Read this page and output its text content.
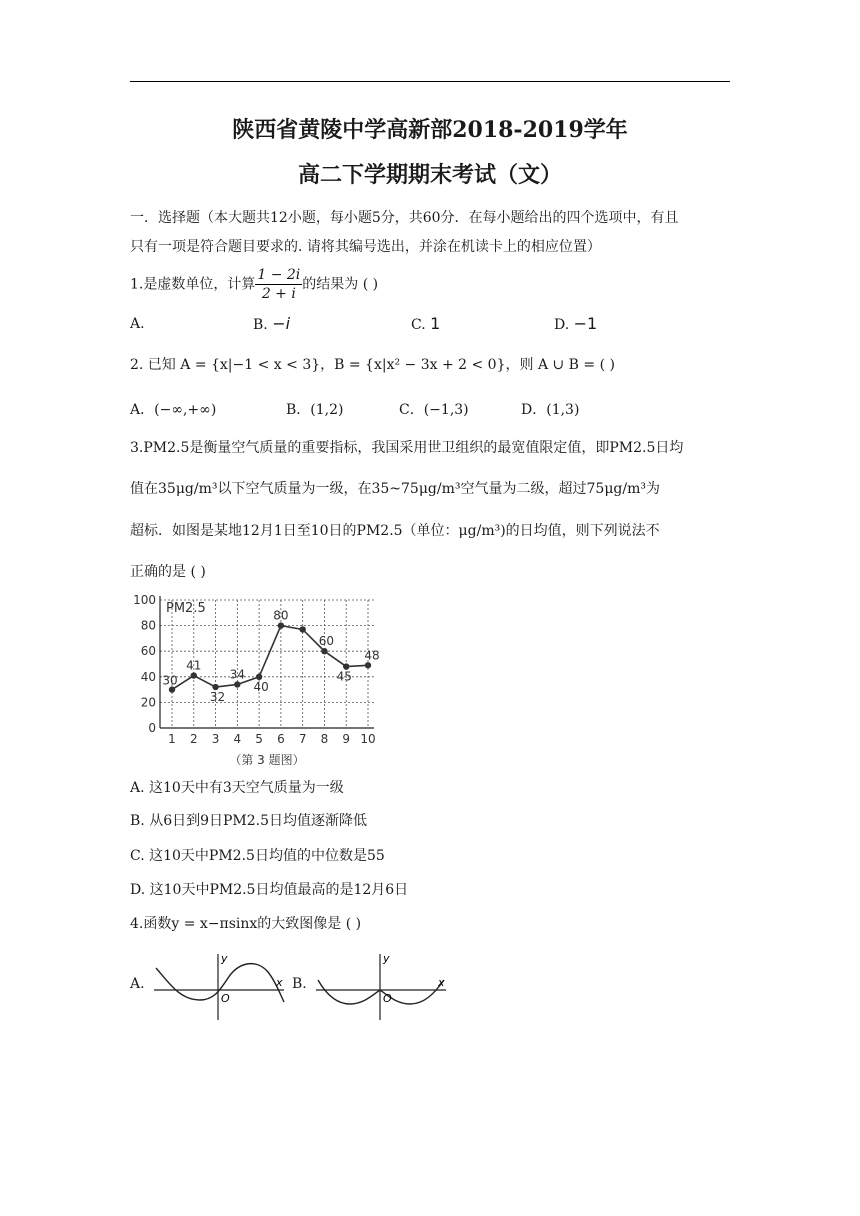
陕西省黄陵中学高新部2018-2019学年
高二下学期期末考试（文）
一．选择题（本大题共12小题，每小题5分，共60分．在每小题给出的四个选项中，有且
只有一项是符合题目要求的. 请将其编号选出，并涂在机读卡上的相应位置）
1.是虚数单位，计算 $\frac{1 - 2i}{2 + i}$ 的结果为 ( )
A.	B. −i	C. 1	D. −1
2. 已知 A = {x|−1 < x < 3}，B = {x|x² − 3x + 2 < 0}，则 A ∪ B = ( )
A．(−∞,+∞)	B．(1,2)	C．(−1,3)	D．(1,3)
3.PM2.5是衡量空气质量的重要指标，我国采用世卫组织的最宽值限定值，即PM2.5日均
值在35μg/m³以下空气质量为一级，在35~75μg/m³空气量为二级，超过75μg/m³为
超标．如图是某地12月1日至10日的PM2.5（单位：μg/m³)的日均值，则下列说法不
正确的是 ( )
0
20
40
60
80
100
1 2 3 4 5 6 7 8 9 10
30
41
32
34
40
80
60
45
48
PM2.5
（第 3 题图）
A. 这10天中有3天空气质量为一级
B. 从6日到9日PM2.5日均值逐渐降低
C. 这10天中PM2.5日均值的中位数是55
D. 这10天中PM2.5日均值最高的是12月6日
4.函数y = x−πsinx的大致图像是 ( )
A.
y
x
O
B.
y
x
O
